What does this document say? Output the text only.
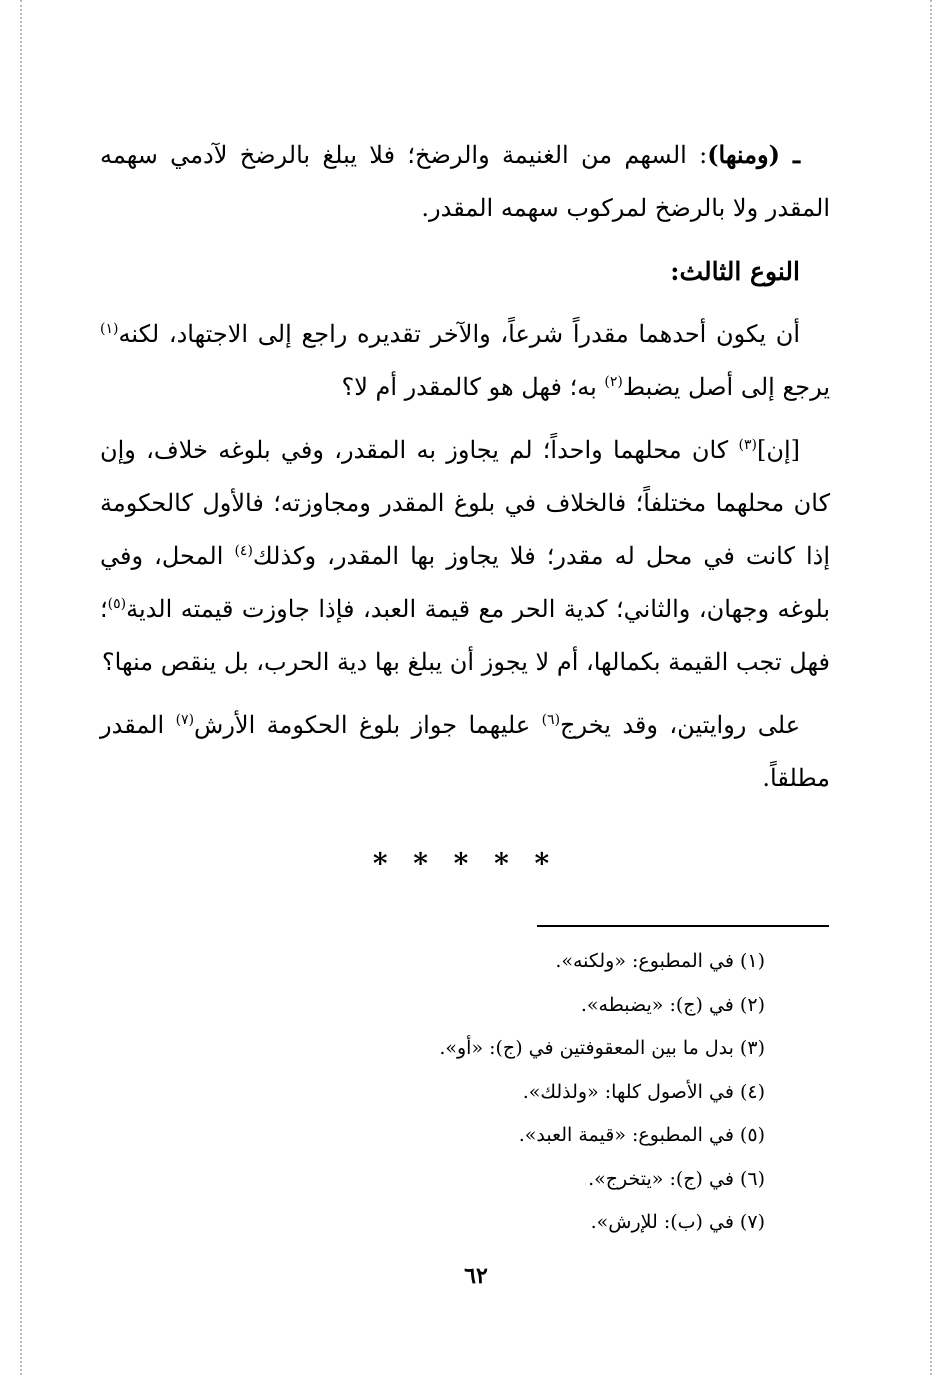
ـ (ومنها): السهم من الغنيمة والرضخ؛ فلا يبلغ بالرضخ لآدمي سهمه المقدر ولا بالرضخ لمركوب سهمه المقدر.

النوع الثالث:

أن يكون أحدهما مقدراً شرعاً، والآخر تقديره راجع إلى الاجتهاد، لكنه$^{(١)}$ يرجع إلى أصل يضبط$^{(٢)}$ به؛ فهل هو كالمقدر أم لا؟

[إن]$^{(٣)}$ كان محلهما واحداً؛ لم يجاوز به المقدر، وفي بلوغه خلاف، وإن كان محلهما مختلفاً؛ فالخلاف في بلوغ المقدر ومجاوزته؛ فالأول كالحكومة إذا كانت في محل له مقدر؛ فلا يجاوز بها المقدر، وكذلك$^{(٤)}$ المحل، وفي بلوغه وجهان، والثاني؛ كدية الحر مع قيمة العبد، فإذا جاوزت قيمته الدية$^{(٥)}$؛ فهل تجب القيمة بكمالها، أم لا يجوز أن يبلغ بها دية الحرب، بل ينقص منها؟

على روايتين، وقد يخرج$^{(٦)}$ عليهما جواز بلوغ الحكومة الأرش$^{(٧)}$ المقدر مطلقاً.

* * * * *
(١) في المطبوع: «ولكنه».
(٢) في (ج): «يضبطه».
(٣) بدل ما بين المعقوفتين في (ج): «أو».
(٤) في الأصول كلها: «ولذلك».
(٥) في المطبوع: «قيمة العبد».
(٦) في (ج): «يتخرج».
(٧) في (ب): للإرش».
٦٢
